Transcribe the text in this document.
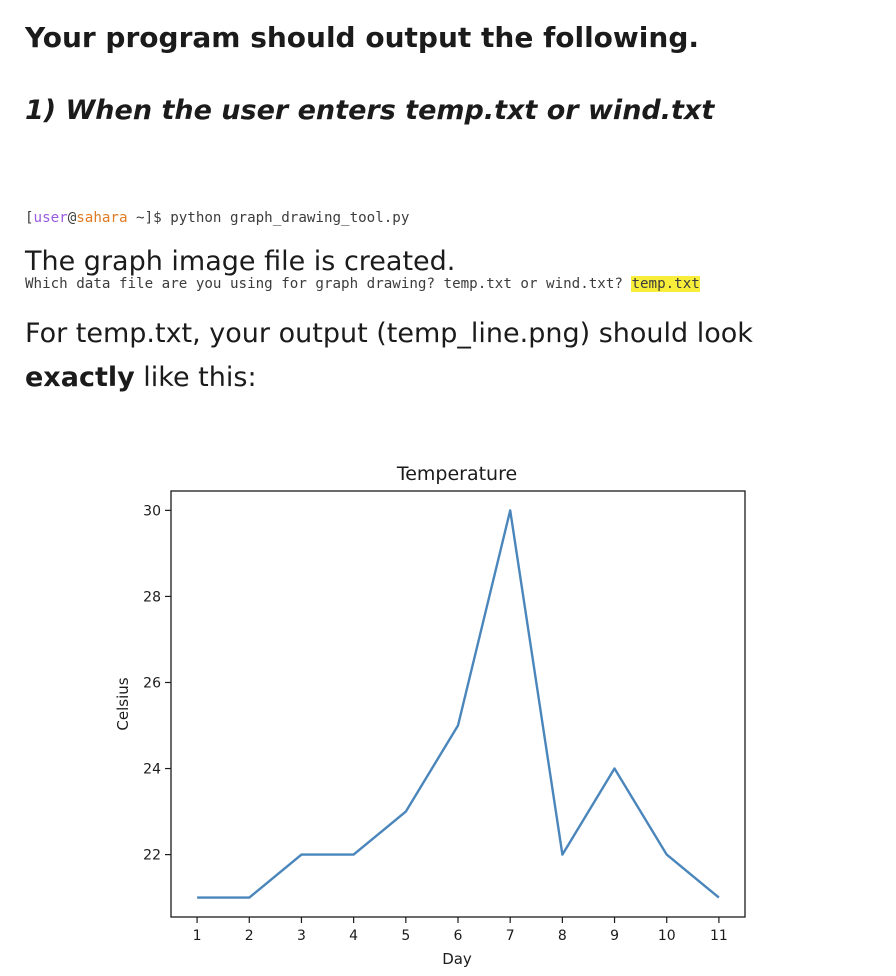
Your program should output the following.
1) When the user enters temp.txt or wind.txt

[user@sahara ~]$ python graph_drawing_tool.py

Which data file are you using for graph drawing? temp.txt or wind.txt? temp.txt

The graph image file is created.

For temp.txt, your output (temp_line.png) should look
exactly like this:

Temperature
22
24
26
28
30
1	2	3	4	5	6	7	8	9	10 11
Day
Celsius
